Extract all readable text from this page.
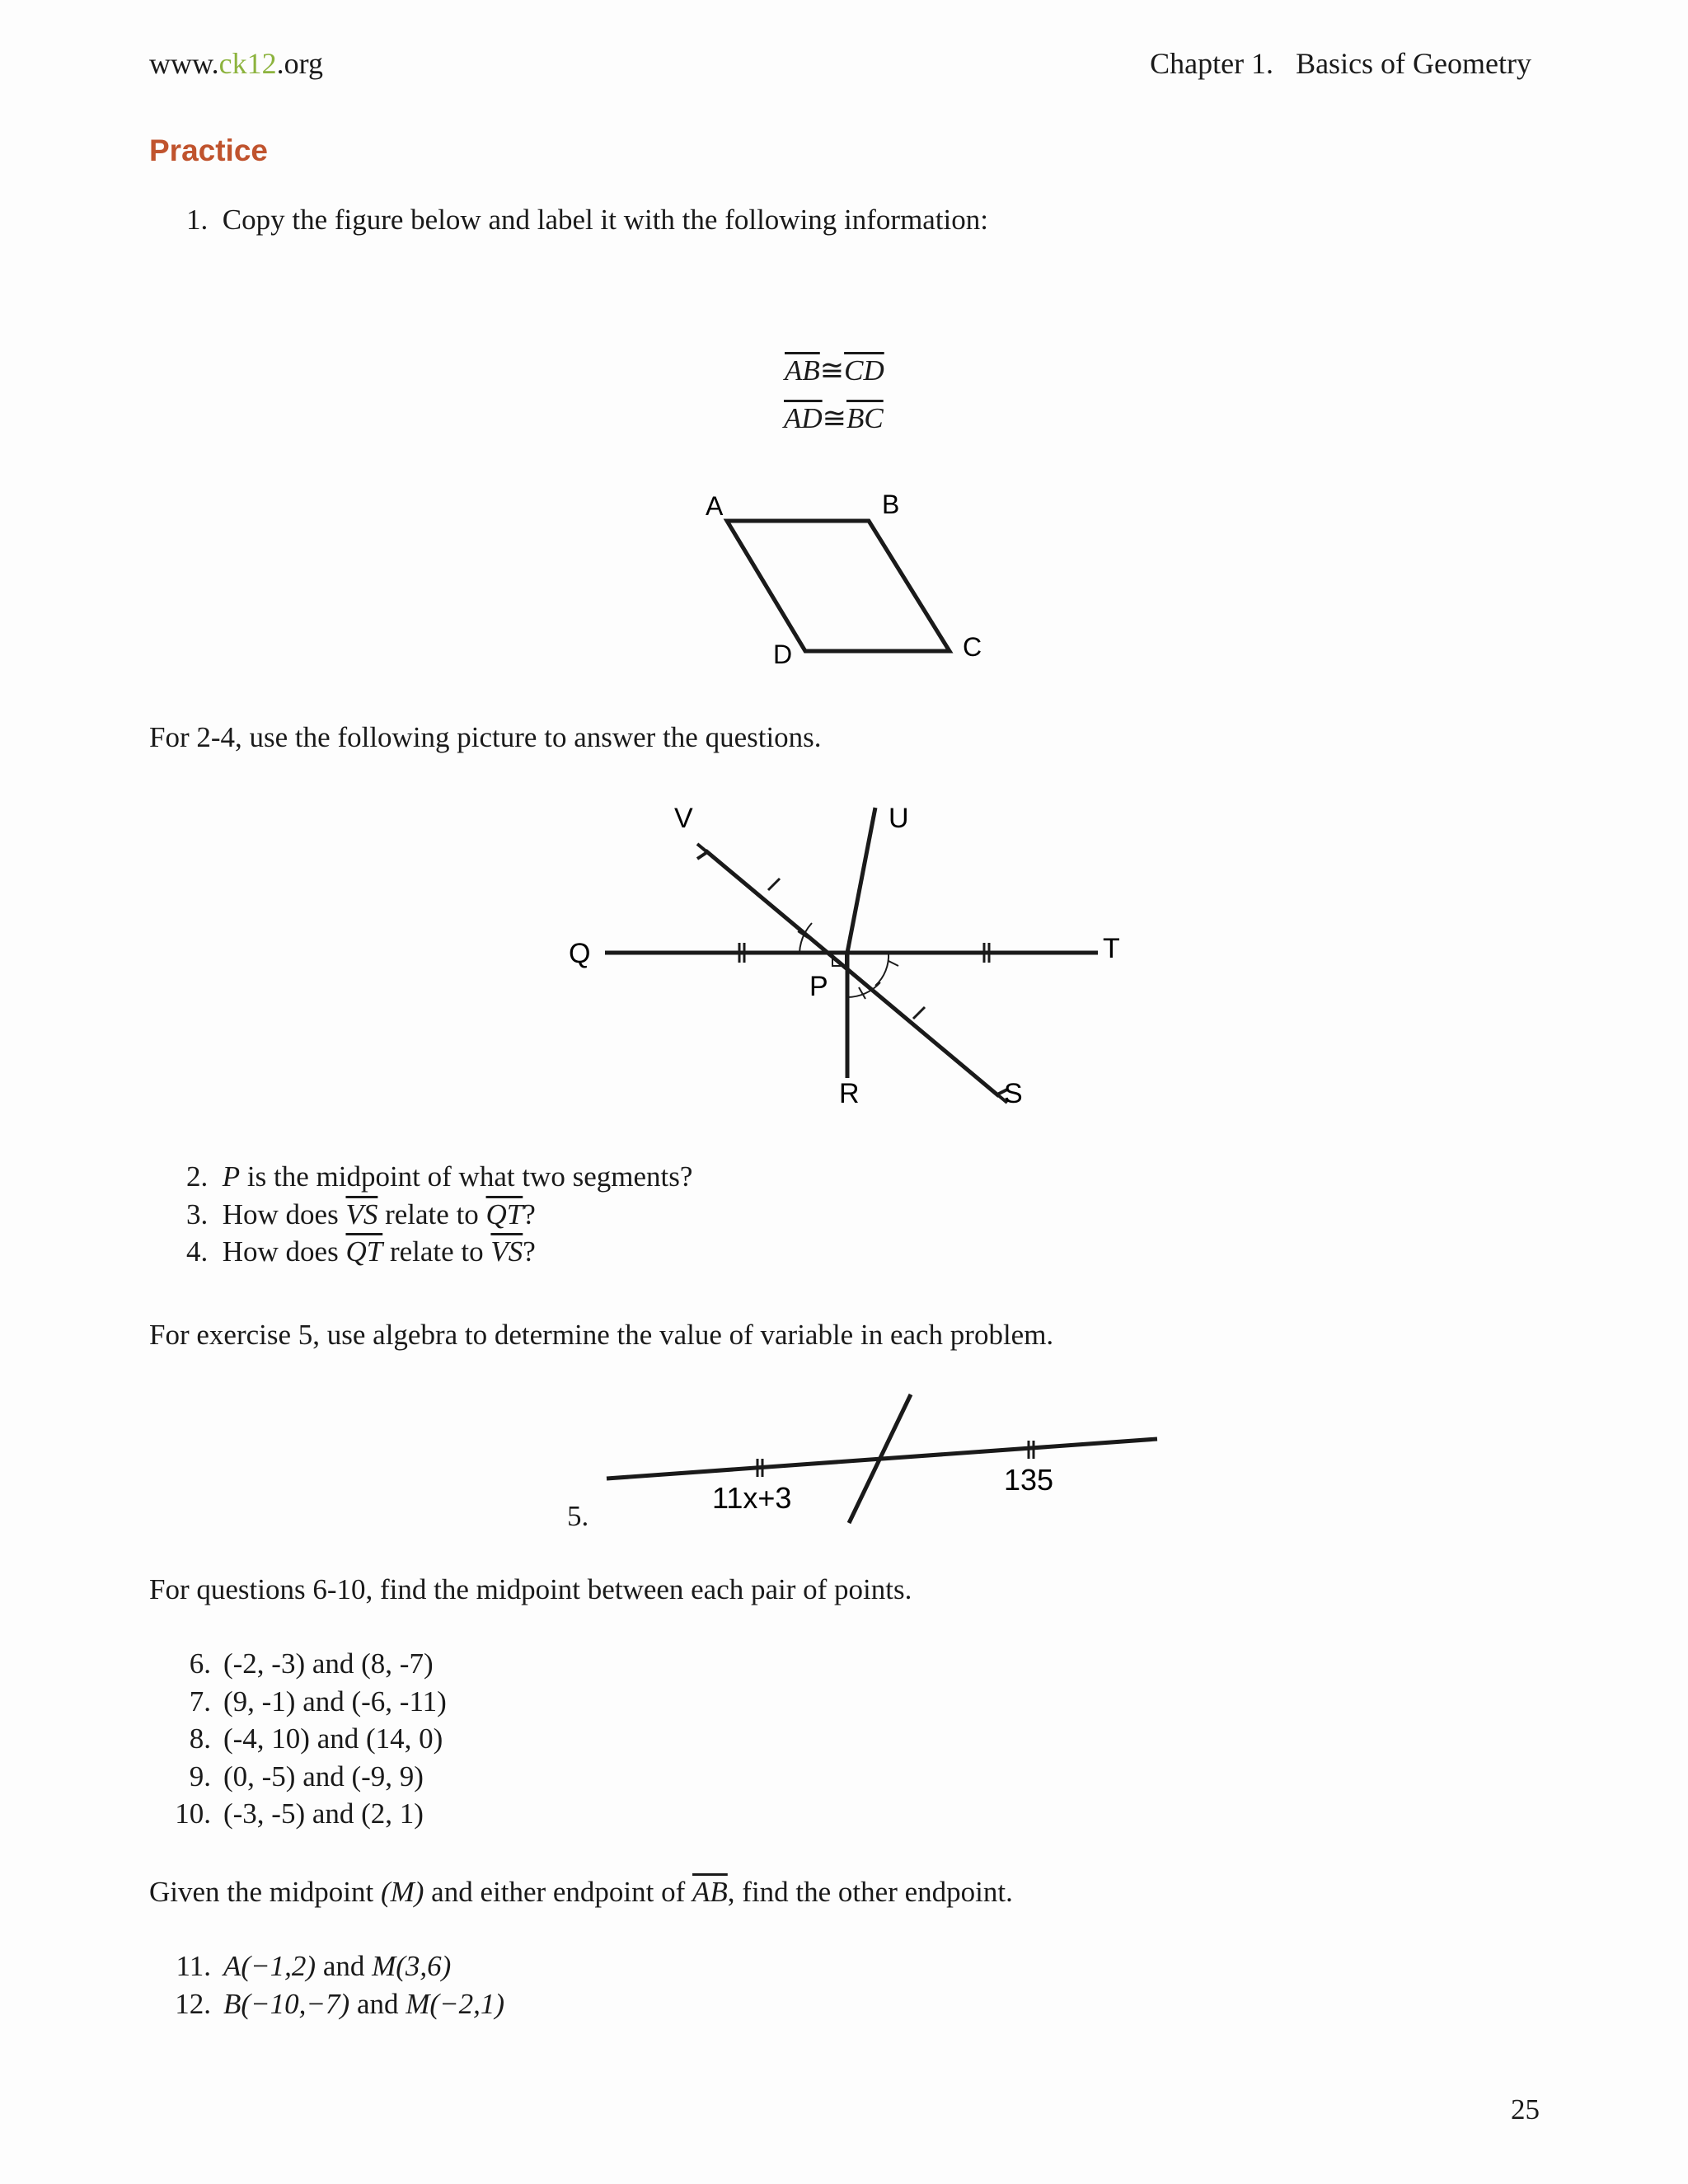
www.ck12.org	Chapter 1. Basics of Geometry
Practice
1. Copy the figure below and label it with the following information:
$\overline{AB}≅\overline{CD}$
$\overline{AD}≅\overline{BC}$
A	B
C
D
For 2-4, use the following picture to answer the questions.
V	U
Q	T
P
R	S
2. P is the midpoint of what two segments?
3. How does $\overline{VS}$ relate to $\overline{QT}$?
4. How does $\overline{QT}$ relate to $\overline{VS}$?
For exercise 5, use algebra to determine the value of variable in each problem.
5.
11x+3
135
For questions 6-10, find the midpoint between each pair of points.
6. (-2, -3) and (8, -7)
7. (9, -1) and (-6, -11)
8. (-4, 10) and (14, 0)
9. (0, -5) and (-9, 9)
10. (-3, -5) and (2, 1)
Given the midpoint (M) and either endpoint of $\overline{AB}$, find the other endpoint.
11. A(−1,2) and M(3,6)
12. B(−10,−7) and M(−2,1)
25
